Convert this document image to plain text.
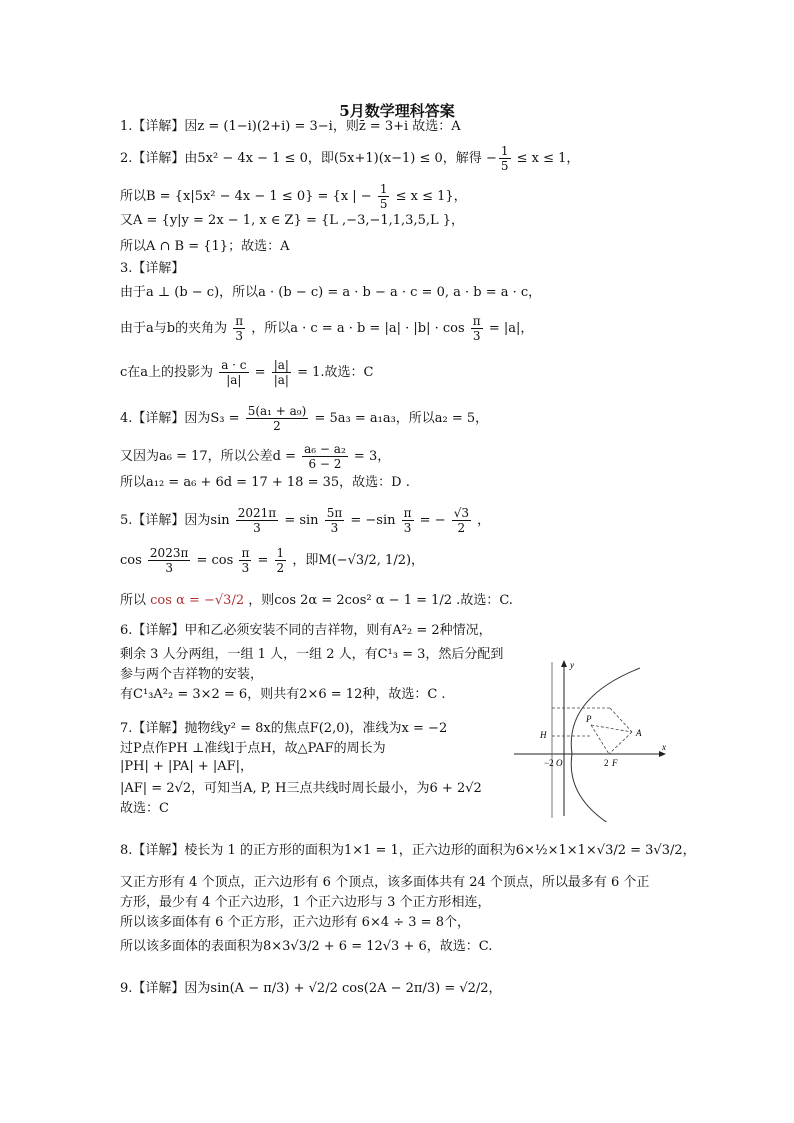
5月数学理科答案
1.【详解】因z = (1−i)(2+i) = 3−i，则z̄ = 3+i 故选：A
2.【详解】由5x² − 4x − 1 ≤ 0，即(5x+1)(x−1) ≤ 0，解得 − $\frac{1}{5} \le x \le 1$，
所以B = {x|5x² − 4x − 1 ≤ 0} = {x | − $\frac{1}{5} \le x \le 1$}，
又A = {y|y = 2x − 1, x ∈ Z} = {L ,−3,−1,1,3,5,L }，
所以A ∩ B = {1}；故选：A
3.【详解】
由于a ⊥ (b − c)，所以a · (b − c) = a · b − a · c = 0, a · b = a · c，
由于a与b的夹角为 $\frac{\pi}{3}$ ，所以$a \cdot c = a \cdot b = |a| \cdot |b| \cdot \cos \frac{\pi}{3} = |a|$，
c在a上的投影为 $\frac{a \cdot c}{|a|} = \frac{|a|}{|a|} = 1$.故选：C
4.【详解】因为$S_3 = \frac{\text{5(a₁ + a₉)}}{2} = 5a_3 = a_1a_3$，所以a₂ = 5，
又因为a₆ = 17，所以公差$d = \frac{\text{a₆ − a₂}}{6 - 2} = 3$，
所以a₁₂ = a₆ + 6d = 17 + 18 = 35，故选：D .
5.【详解】因为$\sin \frac{2021\pi}{3} = \sin \frac{5\pi}{3} = -\sin \frac{\pi}{3}$ = − $\frac{√3}{2}$ ，
$\cos \frac{2023\pi}{3} = \cos \frac{\pi}{3} = \frac{1}{2}$ ，即M(−√3/2, 1/2)，
所以 cos α = −√3/2 ，则cos 2α = 2cos² α − 1 = 1/2 .故选：C.
6.【详解】甲和乙必须安装不同的吉祥物，则有A²₂ = 2种情况，
剩余 3 人分两组，一组 1 人，一组 2 人，有C¹₃ = 3，然后分配到
参与两个吉祥物的安装，
有C¹₃A²₂ = 3×2 = 6，则共有2×6 = 12种，故选：C .
7.【详解】抛物线y² = 8x的焦点F(2,0)，准线为x = −2
过P点作PH ⊥准线l于点H，故△PAF的周长为
|PH| + |PA| + |AF|，
|AF| = 2√2，可知当A, P, H三点共线时周长最小，为6 + 2√2
故选：C
y
x
H
P
A
F
O
−2	2
8.【详解】棱长为 1 的正方形的面积为1×1 = 1，正六边形的面积为6×½×1×1×√3/2 = 3√3/2，
又正方形有 4 个顶点，正六边形有 6 个顶点，该多面体共有 24 个顶点，所以最多有 6 个正
方形，最少有 4 个正六边形，1 个正六边形与 3 个正方形相连，
所以该多面体有 6 个正方形，正六边形有 6×4 ÷ 3 = 8个，
所以该多面体的表面积为8×3√3/2 + 6 = 12√3 + 6，故选：C.
9.【详解】因为sin(A − π/3) + √2/2 cos(2A − 2π/3) = √2/2，
